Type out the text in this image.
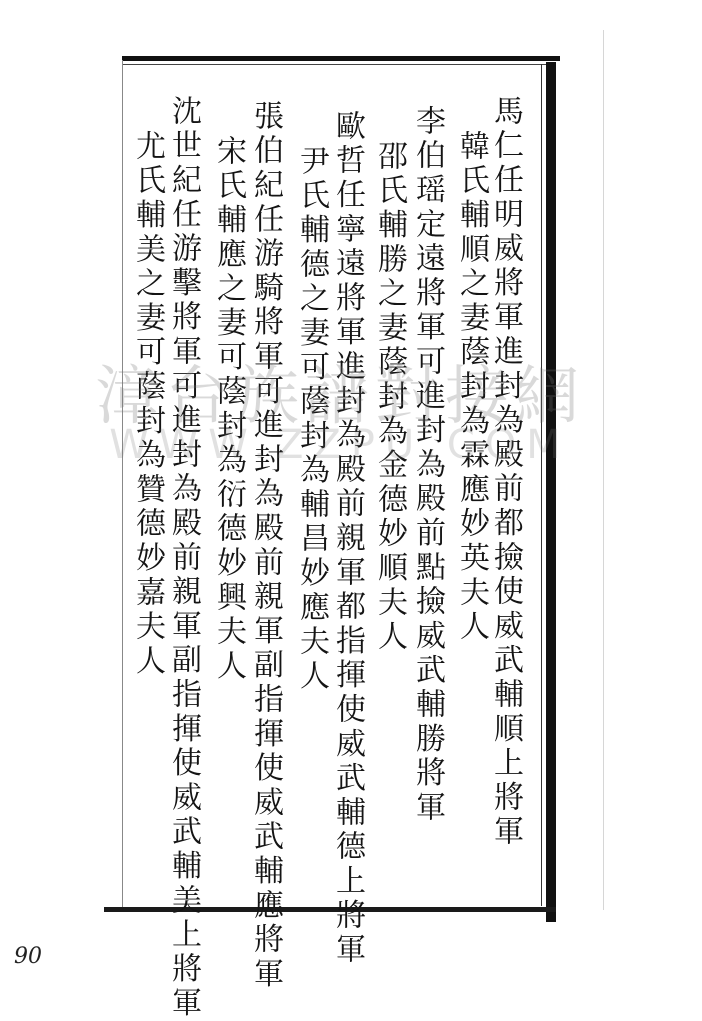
馬仁任明威將軍進封為殿前都撿使威武輔順上將軍
韓氏輔順之妻蔭封為霖應妙英夫人
李伯瑶定遠將軍可進封為殿前點撿威武輔勝將軍
邵氏輔勝之妻蔭封為金德妙順夫人
歐哲任寧遠將軍進封為殿前親軍都指揮使威武輔德上將軍
尹氏輔德之妻可蔭封為輔昌妙應夫人
張伯紀任游騎將軍可進封為殿前親軍副指揮使威武輔應將軍
宋氏輔應之妻可蔭封為衍德妙興夫人
沈世紀任游擊將軍可進封為殿前親軍副指揮使威武輔美上將軍
尤氏輔美之妻可蔭封為贊德妙嘉夫人
漳台族譜對接網
WWW.ZZPU.COM
90
